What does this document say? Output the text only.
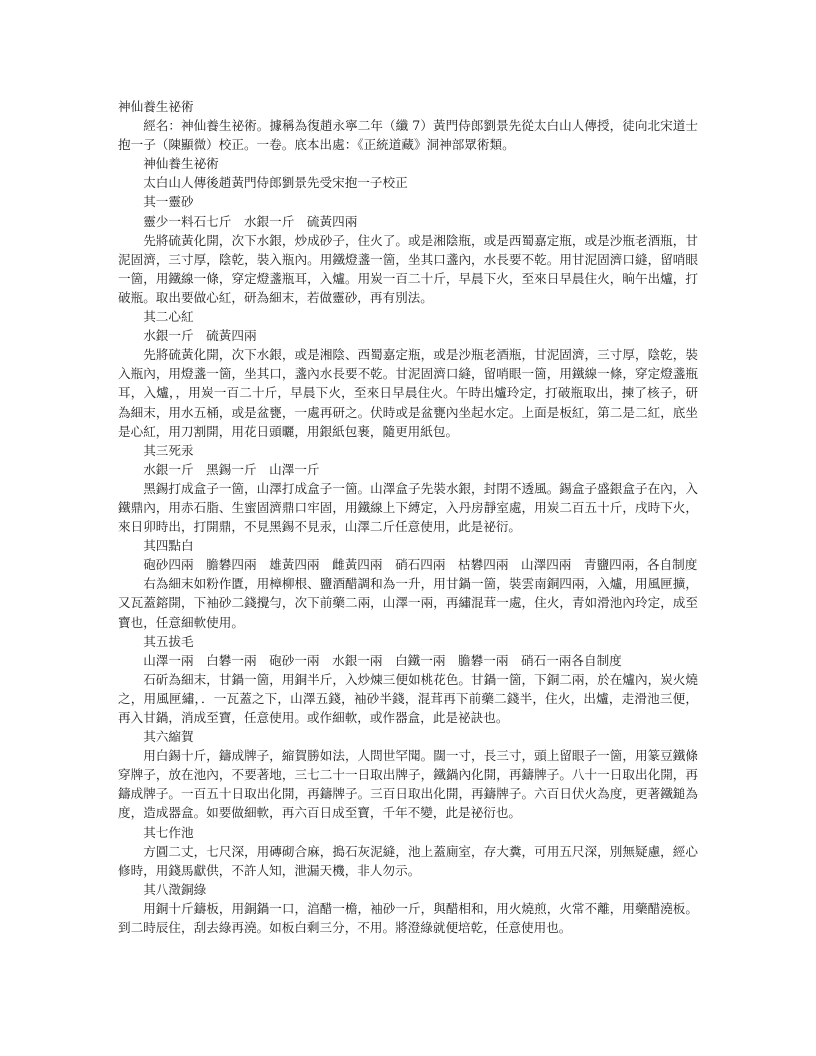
神仙養生祕術

經名：神仙養生祕術。據稱為復趙永寧二年（纖 7）黃門侍郎劉景先從太白山人傳授，徒向北宋道士抱一子（陳顯微）校正。一卷。底本出處：《正統道藏》洞神部眾術類。

神仙養生祕術

太白山人傳後趙黃門侍郎劉景先受宋抱一子校正

其一靈砂

靈少一料石七斤　水銀一斤　硫黃四兩

先將硫黃化開，次下水銀，炒成砂子，住火了。或是湘陰瓶，或是西蜀嘉定瓶，或是沙瓶老酒瓶，甘泥固濟，三寸厚，陰乾，裝入瓶內。用鐵燈盞一箇，坐其口盞內，水長要不乾。用甘泥固濟口縫，留哨眼一箇，用鐵線一條，穿定燈盞瓶耳，入爐。用炭一百二十斤，早晨下火，至來日早晨住火，晌午出爐，打破瓶。取出要做心紅，研為細末，若做靈砂，再有別法。

其二心紅

水銀一斤　硫黃四兩

先將硫黃化開，次下水銀，或是湘陰、西蜀嘉定瓶，或是沙瓶老酒瓶，甘泥固濟，三寸厚，陰乾，裝入瓶內，用燈盞一箇，坐其口，盞內水長要不乾。甘泥固濟口縫，留哨眼一箇，用鐵線一條，穿定燈盞瓶耳，入爐，，用炭一百二十斤，早晨下火，至來日早晨住火。午時出爐玲定，打破瓶取出，揀了核子，研為細末，用水五桶，或是盆甕，一處再研之。伏時或是盆甕內坐起水定。上面是板紅，第二是二紅，底坐是心紅，用刀割開，用花日頭曬，用銀紙包裹，隨更用紙包。

其三死汞

水銀一斤　黑錫一斤　山澤一斤

黑錫打成盒子一箇，山澤打成盒子一箇。山澤盒子先裝水銀，封閉不透風。錫盒子盛銀盒子在內，入鐵鼎內，用赤石脂、生蜜固濟鼎口牢固，用鐵線上下縛定，入丹房靜室處，用炭二百五十斤，戌時下火，來日卯時出，打開鼎，不見黑錫不見汞，山澤二斤任意使用，此是祕衍。

其四點白

砲砂四兩　膽礬四兩　雄黃四兩　雌黃四兩　硝石四兩　枯礬四兩　山澤四兩　青鹽四兩，各自制度

右為細末如粉作匱，用樟柳根、鹽酒醋調和為一升，用甘鍋一箇，裝雲南銅四兩，入爐，用風匣擴，又瓦蓋鎔開，下袖砂二錢攪勻，次下前藥二兩，山澤一兩，再繡混茸一處，住火，青如滑池內玲定，成至寶也，任意細軟使用。

其五拔毛

山澤一兩　白礬一兩　砲砂一兩　水銀一兩　白鐵一兩　膽礬一兩　硝石一兩各自制度

石斫為細末，甘鍋一箇，用銅半斤，入炒煉三便如桃花色。甘鍋一箇，下銅二兩，於在爐內，炭火燒之，用風匣繡，．一瓦蓋之下，山澤五錢，袖砂半錢，混茸再下前藥二錢半，住火，出爐，走滑池三便，再入甘鍋，消成至寶，任意使用。或作細軟，或作器盒，此是祕訣也。

其六縮賀

用白錫十斤，鑄成牌子，縮賀勝如法，人問世罕聞。闊一寸，長三寸，頭上留眼子一箇，用篆豆鐵條穿牌子，放在池內，不要著地，三七二十一日取出牌子，鐵鍋內化開，再鑄牌子。八十一日取出化開，再鑄成牌子。一百五十日取出化開，再鑄牌子。三百日取出化開，再鑄牌子。六百日伏火為度，更著鐵鎚為度，造成器盒。如要做細軟，再六百日成至寶，千年不變，此是祕衍也。

其七作池

方圓二丈，七尺深，用磚砌合麻，搗石灰泥縫，池上蓋廁室，存大糞，可用五尺深，別無疑慮，經心修時，用錢馬獻供，不許人知，泄漏天機，非人勿示。

其八澂銅綠

用銅十斤鑄板，用銅鍋一口，湻醋一檐，袖砂一斤，與醋相和，用火燒煎，火常不離，用藥醋澆板。到二時辰住，刮去綠再澆。如板白剩三分，不用。將澄綠就便培乾，任意使用也。
